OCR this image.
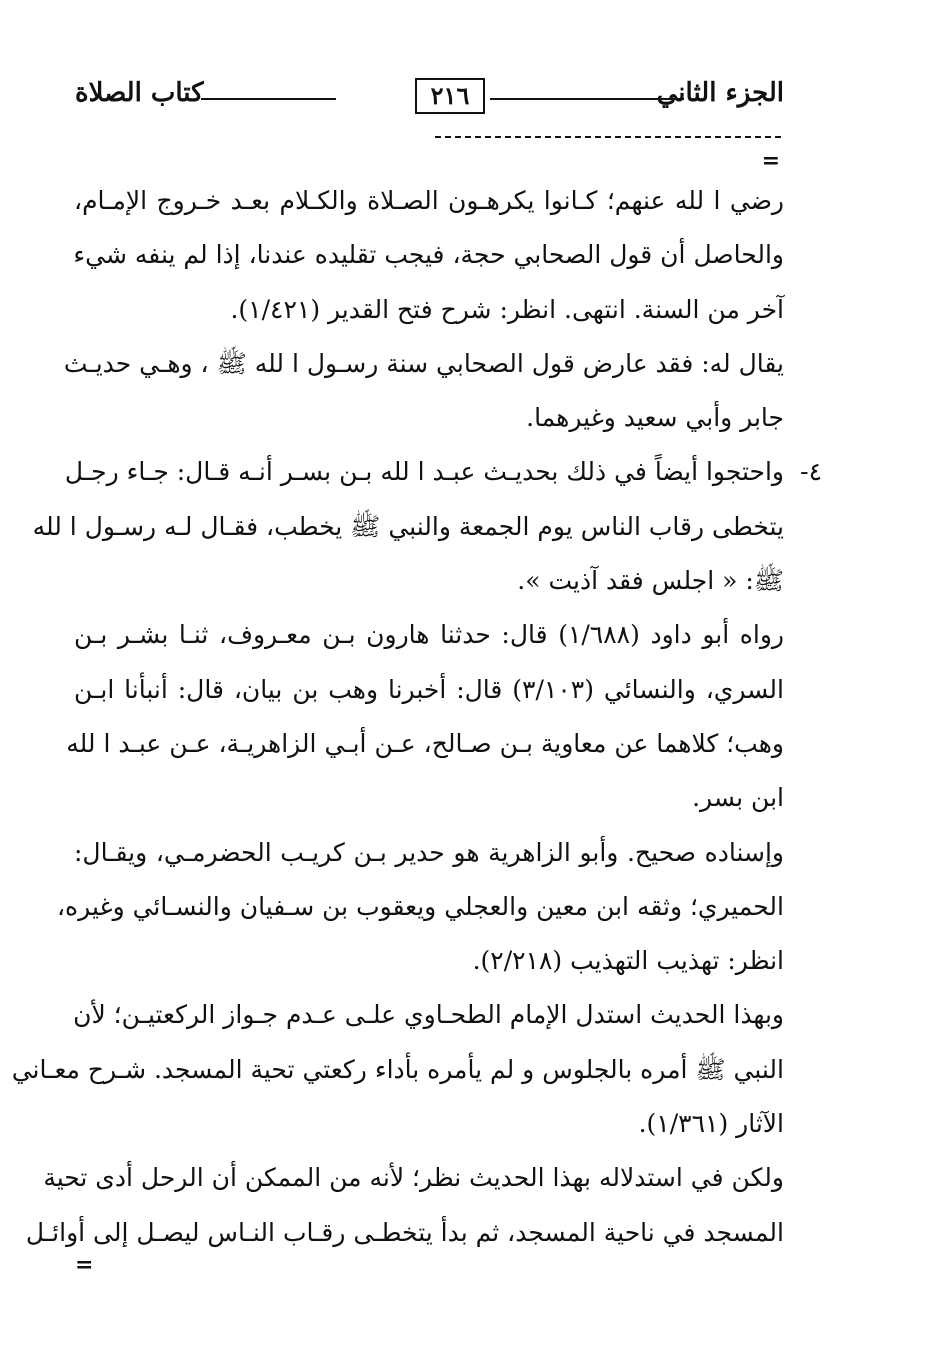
الجزء الثاني
٢١٦
كتاب الصلاة
=
رضي ا لله عنهم؛ كـانوا يكرهـون الصـلاة والكـلام بعـد خـروج الإمـام،
والحاصل أن قول الصحابي حجة، فيجب تقليده عندنا، إذا لم ينفه شيء
آخر من السنة. انتهى. انظر: شرح فتح القدير (١/٤٢١).
يقال له: فقد عارض قول الصحابي سنة رسـول ا لله ﷺ ، وهـي حديـث
جابر وأبي سعيد وغيرهما.
٤-
واحتجوا أيضاً في ذلك بحديـث عبـد ا لله بـن بسـر أنـه قـال: جـاء رجـل
يتخطى رقاب الناس يوم الجمعة والنبي ﷺ يخطب، فقـال لـه رسـول ا لله
ﷺ: « اجلس فقد آذيت ».
رواه أبو داود (١/٦٨٨) قال: حدثنا هارون بـن معـروف، ثنـا بشـر بـن
السري، والنسائي (٣/١٠٣) قال: أخبرنا وهب بن بيان، قال: أنبأنا ابـن
وهب؛ كلاهما عن معاوية بـن صـالح، عـن أبـي الزاهريـة، عـن عبـد ا لله
ابن بسر.
وإسناده صحيح. وأبو الزاهرية هو حدير بـن كريـب الحضرمـي، ويقـال:
الحميري؛ وثقه ابن معين والعجلي ويعقوب بن سـفيان والنسـائي وغيره،
انظر: تهذيب التهذيب (٢/٢١٨).
وبهذا الحديث استدل الإمام الطحـاوي علـى عـدم جـواز الركعتيـن؛ لأن
النبي ﷺ أمره بالجلوس و لم يأمره بأداء ركعتي تحية المسجد. شـرح معـاني
الآثار (١/٣٦١).
ولكن في استدلاله بهذا الحديث نظر؛ لأنه من الممكن أن الرحل أدى تحية
المسجد في ناحية المسجد، ثم بدأ يتخطـى رقـاب النـاس ليصـل إلى أوائـل
=
